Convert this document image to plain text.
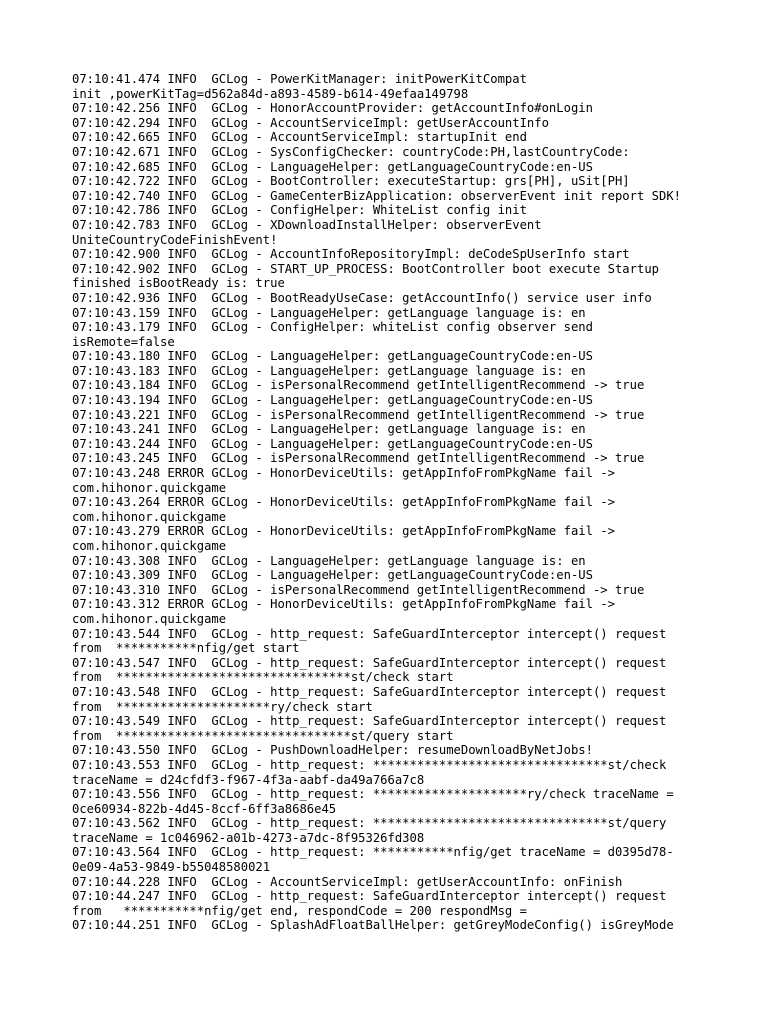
07:10:41.474 INFO  GCLog - PowerKitManager: initPowerKitCompat
init ,powerKitTag=d562a84d-a893-4589-b614-49efaa149798
07:10:42.256 INFO  GCLog - HonorAccountProvider: getAccountInfo#onLogin
07:10:42.294 INFO  GCLog - AccountServiceImpl: getUserAccountInfo
07:10:42.665 INFO  GCLog - AccountServiceImpl: startupInit end
07:10:42.671 INFO  GCLog - SysConfigChecker: countryCode:PH,lastCountryCode:
07:10:42.685 INFO  GCLog - LanguageHelper: getLanguageCountryCode:en-US
07:10:42.722 INFO  GCLog - BootController: executeStartup: grs[PH], uSit[PH]
07:10:42.740 INFO  GCLog - GameCenterBizApplication: observerEvent init report SDK!
07:10:42.786 INFO  GCLog - ConfigHelper: WhiteList config init
07:10:42.783 INFO  GCLog - XDownloadInstallHelper: observerEvent
UniteCountryCodeFinishEvent!
07:10:42.900 INFO  GCLog - AccountInfoRepositoryImpl: deCodeSpUserInfo start
07:10:42.902 INFO  GCLog - START_UP_PROCESS: BootController boot execute Startup
finished isBootReady is: true
07:10:42.936 INFO  GCLog - BootReadyUseCase: getAccountInfo() service user info
07:10:43.159 INFO  GCLog - LanguageHelper: getLanguage language is: en
07:10:43.179 INFO  GCLog - ConfigHelper: whiteList config observer send
isRemote=false
07:10:43.180 INFO  GCLog - LanguageHelper: getLanguageCountryCode:en-US
07:10:43.183 INFO  GCLog - LanguageHelper: getLanguage language is: en
07:10:43.184 INFO  GCLog - isPersonalRecommend getIntelligentRecommend -> true
07:10:43.194 INFO  GCLog - LanguageHelper: getLanguageCountryCode:en-US
07:10:43.221 INFO  GCLog - isPersonalRecommend getIntelligentRecommend -> true
07:10:43.241 INFO  GCLog - LanguageHelper: getLanguage language is: en
07:10:43.244 INFO  GCLog - LanguageHelper: getLanguageCountryCode:en-US
07:10:43.245 INFO  GCLog - isPersonalRecommend getIntelligentRecommend -> true
07:10:43.248 ERROR GCLog - HonorDeviceUtils: getAppInfoFromPkgName fail ->
com.hihonor.quickgame
07:10:43.264 ERROR GCLog - HonorDeviceUtils: getAppInfoFromPkgName fail ->
com.hihonor.quickgame
07:10:43.279 ERROR GCLog - HonorDeviceUtils: getAppInfoFromPkgName fail ->
com.hihonor.quickgame
07:10:43.308 INFO  GCLog - LanguageHelper: getLanguage language is: en
07:10:43.309 INFO  GCLog - LanguageHelper: getLanguageCountryCode:en-US
07:10:43.310 INFO  GCLog - isPersonalRecommend getIntelligentRecommend -> true
07:10:43.312 ERROR GCLog - HonorDeviceUtils: getAppInfoFromPkgName fail ->
com.hihonor.quickgame
07:10:43.544 INFO  GCLog - http_request: SafeGuardInterceptor intercept() request
from  ***********nfig/get start
07:10:43.547 INFO  GCLog - http_request: SafeGuardInterceptor intercept() request
from  ********************************st/check start
07:10:43.548 INFO  GCLog - http_request: SafeGuardInterceptor intercept() request
from  *********************ry/check start
07:10:43.549 INFO  GCLog - http_request: SafeGuardInterceptor intercept() request
from  ********************************st/query start
07:10:43.550 INFO  GCLog - PushDownloadHelper: resumeDownloadByNetJobs!
07:10:43.553 INFO  GCLog - http_request: ********************************st/check
traceName = d24cfdf3-f967-4f3a-aabf-da49a766a7c8
07:10:43.556 INFO  GCLog - http_request: *********************ry/check traceName =
0ce60934-822b-4d45-8ccf-6ff3a8686e45
07:10:43.562 INFO  GCLog - http_request: ********************************st/query
traceName = 1c046962-a01b-4273-a7dc-8f95326fd308
07:10:43.564 INFO  GCLog - http_request: ***********nfig/get traceName = d0395d78-
0e09-4a53-9849-b55048580021
07:10:44.228 INFO  GCLog - AccountServiceImpl: getUserAccountInfo: onFinish
07:10:44.247 INFO  GCLog - http_request: SafeGuardInterceptor intercept() request
from   ***********nfig/get end, respondCode = 200 respondMsg =
07:10:44.251 INFO  GCLog - SplashAdFloatBallHelper: getGreyModeConfig() isGreyMode
